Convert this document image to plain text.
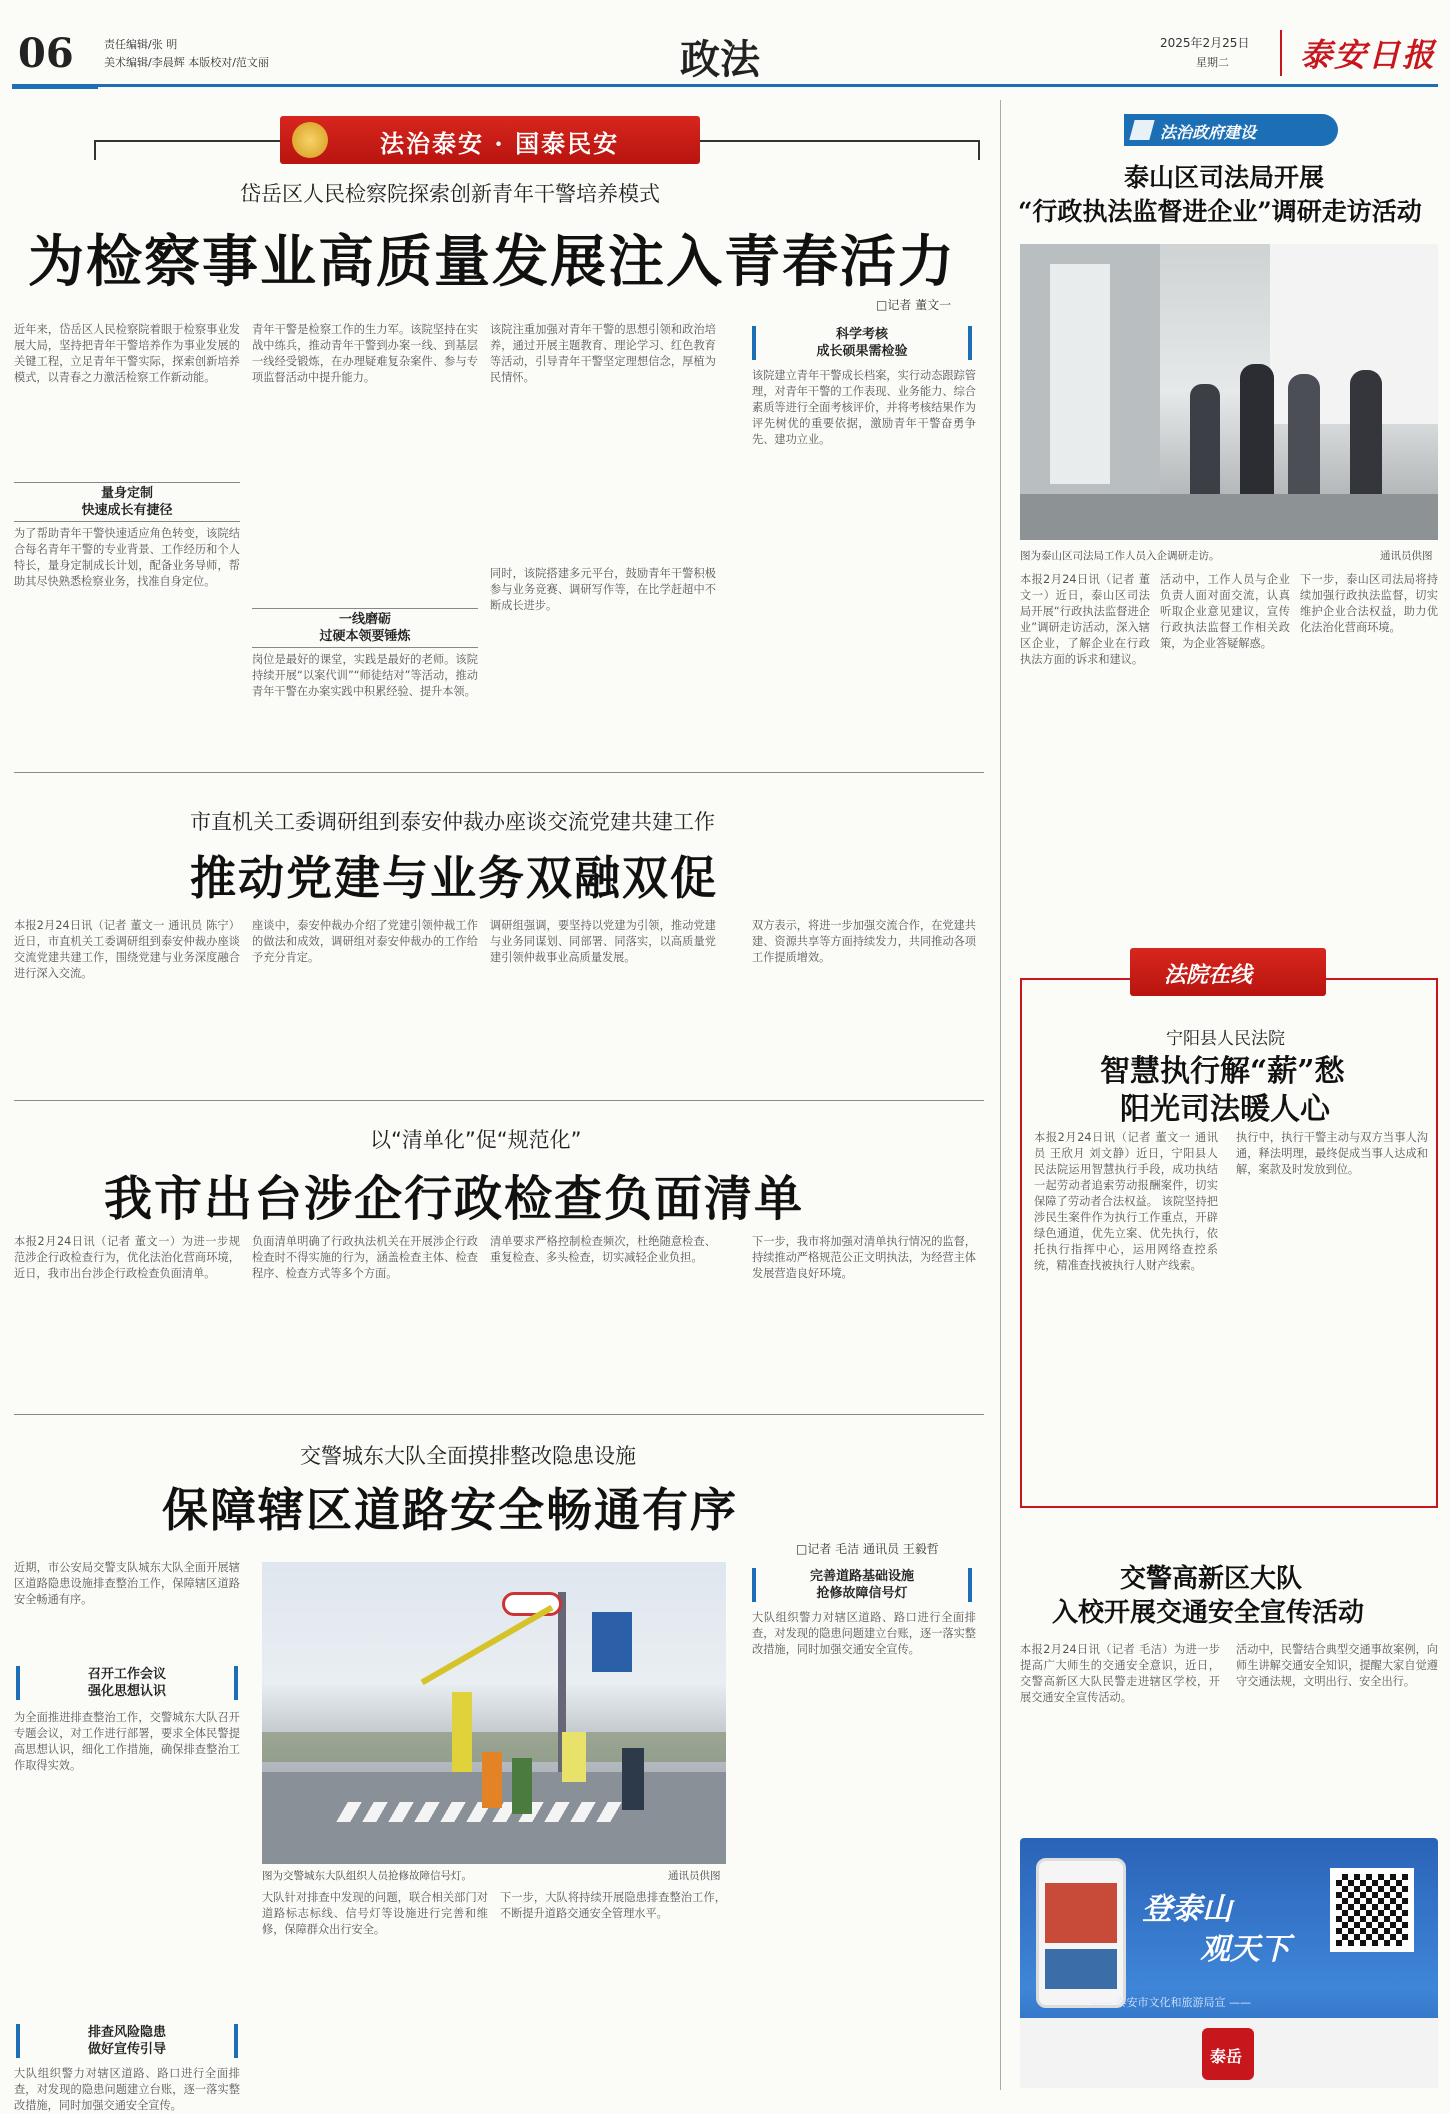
06	责任编辑/张 明
美术编辑/李晨辉 本版校对/范文丽	政法	2025年2月25日
星期二 泰安日报
法治泰安 · 国泰民安	法治政府建设
岱岳区人民检察院探索创新青年干警培养模式
为检察事业高质量发展注入青春活力
□记者 董文一
近年来，岱岳区人民检察院着眼于检察事业发展大局，坚持把青年干警培养作为事业发展的关键工程，立足青年干警实际，探索创新培养模式，以青春之力激活检察工作新动能。
量身定制
快速成长有捷径
为了帮助青年干警快速适应角色转变，该院结合每名青年干警的专业背景、工作经历和个人特长，量身定制成长计划，配备业务导师，帮助其尽快熟悉检察业务，找准自身定位。
青年干警是检察工作的生力军。该院坚持在实战中练兵，推动青年干警到办案一线、到基层一线经受锻炼，在办理疑难复杂案件、参与专项监督活动中提升能力。
一线磨砺
过硬本领要锤炼
岗位是最好的课堂，实践是最好的老师。该院持续开展“以案代训”“师徒结对”等活动，推动青年干警在办案实践中积累经验、提升本领。
该院注重加强对青年干警的思想引领和政治培养，通过开展主题教育、理论学习、红色教育等活动，引导青年干警坚定理想信念，厚植为民情怀。
同时，该院搭建多元平台，鼓励青年干警积极参与业务竞赛、调研写作等，在比学赶超中不断成长进步。
科学考核
成长硕果需检验
该院建立青年干警成长档案，实行动态跟踪管理，对青年干警的工作表现、业务能力、综合素质等进行全面考核评价，并将考核结果作为评先树优的重要依据，激励青年干警奋勇争先、建功立业。
市直机关工委调研组到泰安仲裁办座谈交流党建共建工作
推动党建与业务双融双促
本报2月24日讯（记者 董文一 通讯员 陈宁）近日，市直机关工委调研组到泰安仲裁办座谈交流党建共建工作，围绕党建与业务深度融合进行深入交流。
座谈中，泰安仲裁办介绍了党建引领仲裁工作的做法和成效，调研组对泰安仲裁办的工作给予充分肯定。
调研组强调，要坚持以党建为引领，推动党建与业务同谋划、同部署、同落实，以高质量党建引领仲裁事业高质量发展。
双方表示，将进一步加强交流合作，在党建共建、资源共享等方面持续发力，共同推动各项工作提质增效。
以“清单化”促“规范化”
我市出台涉企行政检查负面清单
本报2月24日讯（记者 董文一）为进一步规范涉企行政检查行为，优化法治化营商环境，近日，我市出台涉企行政检查负面清单。
负面清单明确了行政执法机关在开展涉企行政检查时不得实施的行为，涵盖检查主体、检查程序、检查方式等多个方面。
清单要求严格控制检查频次，杜绝随意检查、重复检查、多头检查，切实减轻企业负担。
下一步，我市将加强对清单执行情况的监督，持续推动严格规范公正文明执法，为经营主体发展营造良好环境。
交警城东大队全面摸排整改隐患设施
保障辖区道路安全畅通有序
□记者 毛洁 通讯员 王毅哲
近期，市公安局交警支队城东大队全面开展辖区道路隐患设施排查整治工作，保障辖区道路安全畅通有序。
召开工作会议
强化思想认识
为全面推进排查整治工作，交警城东大队召开专题会议，对工作进行部署，要求全体民警提高思想认识，细化工作措施，确保排查整治工作取得实效。
排查风险隐患
做好宣传引导
大队组织警力对辖区道路、路口进行全面排查，对发现的隐患问题建立台账，逐一落实整改措施，同时加强交通安全宣传。
图为交警城东大队组织人员抢修故障信号灯。	通讯员供图
大队针对排查中发现的问题，联合相关部门对道路标志标线、信号灯等设施进行完善和维修，保障群众出行安全。
下一步，大队将持续开展隐患排查整治工作，不断提升道路交通安全管理水平。
完善道路基础设施
抢修故障信号灯
大队组织警力对辖区道路、路口进行全面排查，对发现的隐患问题建立台账，逐一落实整改措施，同时加强交通安全宣传。
泰山区司法局开展
“行政执法监督进企业”调研走访活动
图为泰山区司法局工作人员入企调研走访。	通讯员供图
本报2月24日讯（记者 董文一）近日，泰山区司法局开展“行政执法监督进企业”调研走访活动，深入辖区企业，了解企业在行政执法方面的诉求和建议。
活动中，工作人员与企业负责人面对面交流，认真听取企业意见建议，宣传行政执法监督工作相关政策，为企业答疑解惑。
下一步，泰山区司法局将持续加强行政执法监督，切实维护企业合法权益，助力优化法治化营商环境。
法院在线
宁阳县人民法院
智慧执行解“薪”愁
阳光司法暖人心
本报2月24日讯（记者 董文一 通讯员 王欣月 刘文静）近日，宁阳县人民法院运用智慧执行手段，成功执结一起劳动者追索劳动报酬案件，切实保障了劳动者合法权益。 该院坚持把涉民生案件作为执行工作重点，开辟绿色通道，优先立案、优先执行，依托执行指挥中心，运用网络查控系统，精准查找被执行人财产线索。
执行中，执行干警主动与双方当事人沟通，释法明理，最终促成当事人达成和解，案款及时发放到位。
交警高新区大队
入校开展交通安全宣传活动
本报2月24日讯（记者 毛洁）为进一步提高广大师生的交通安全意识，近日，交警高新区大队民警走进辖区学校，开展交通安全宣传活动。
活动中，民警结合典型交通事故案例，向师生讲解交通安全知识，提醒大家自觉遵守交通法规，文明出行、安全出行。
登泰山
观天下
—— 泰安市文化和旅游局宣 ——
泰岳
